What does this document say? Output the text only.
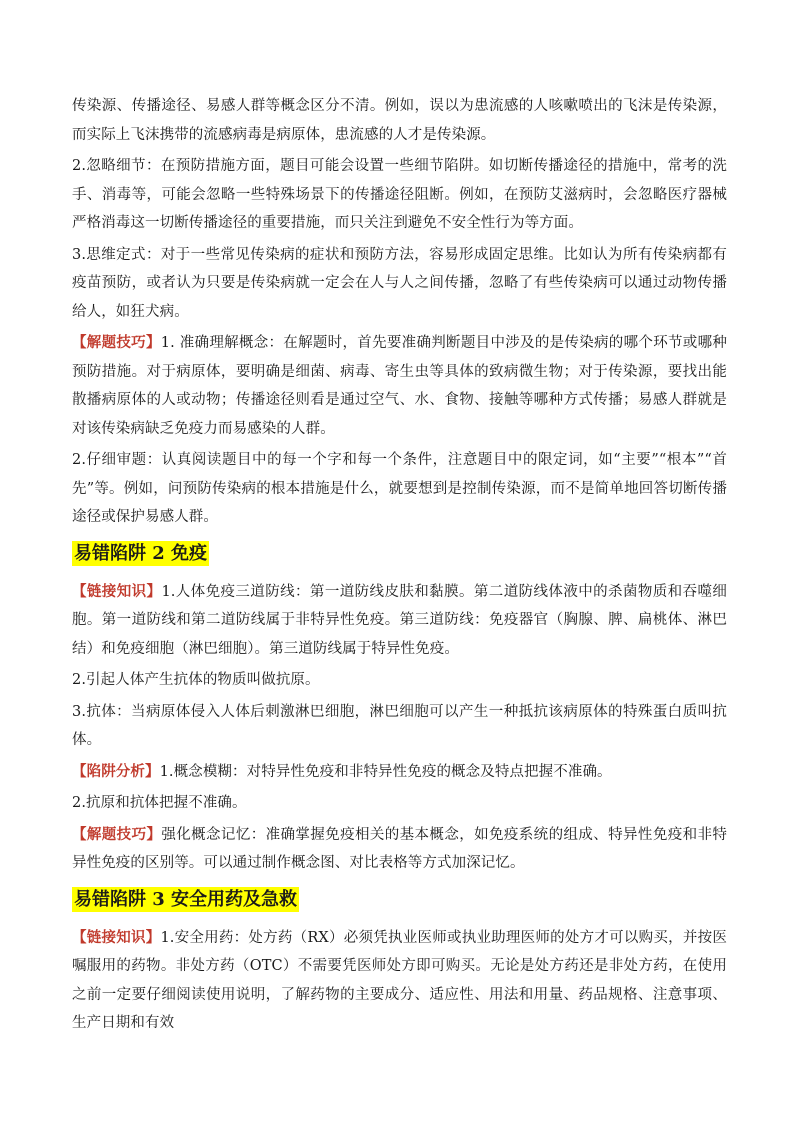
传染源、传播途径、易感人群等概念区分不清。例如，误以为患流感的人咳嗽喷出的飞沫是传染源，而实际上飞沫携带的流感病毒是病原体，患流感的人才是传染源。

2.忽略细节：在预防措施方面，题目可能会设置一些细节陷阱。如切断传播途径的措施中，常考的洗手、消毒等，可能会忽略一些特殊场景下的传播途径阻断。例如，在预防艾滋病时，会忽略医疗器械严格消毒这一切断传播途径的重要措施，而只关注到避免不安全性行为等方面。

3.思维定式：对于一些常见传染病的症状和预防方法，容易形成固定思维。比如认为所有传染病都有疫苗预防，或者认为只要是传染病就一定会在人与人之间传播，忽略了有些传染病可以通过动物传播给人，如狂犬病。

【解题技巧】1. 准确理解概念：在解题时，首先要准确判断题目中涉及的是传染病的哪个环节或哪种预防措施。对于病原体，要明确是细菌、病毒、寄生虫等具体的致病微生物；对于传染源，要找出能散播病原体的人或动物；传播途径则看是通过空气、水、食物、接触等哪种方式传播；易感人群就是对该传染病缺乏免疫力而易感染的人群。

2.仔细审题：认真阅读题目中的每一个字和每一个条件，注意题目中的限定词，如“主要”“根本”“首先”等。例如，问预防传染病的根本措施是什么，就要想到是控制传染源，而不是简单地回答切断传播途径或保护易感人群。

易错陷阱 2 免疫

【链接知识】1.人体免疫三道防线：第一道防线皮肤和黏膜。第二道防线体液中的杀菌物质和吞噬细胞。第一道防线和第二道防线属于非特异性免疫。第三道防线：免疫器官（胸腺、脾、扁桃体、淋巴结）和免疫细胞（淋巴细胞）。第三道防线属于特异性免疫。

2.引起人体产生抗体的物质叫做抗原。

3.抗体：当病原体侵入人体后刺激淋巴细胞，淋巴细胞可以产生一种抵抗该病原体的特殊蛋白质叫抗体。

【陷阱分析】1.概念模糊：对特异性免疫和非特异性免疫的概念及特点把握不准确。

2.抗原和抗体把握不准确。

【解题技巧】强化概念记忆：准确掌握免疫相关的基本概念，如免疫系统的组成、特异性免疫和非特异性免疫的区别等。可以通过制作概念图、对比表格等方式加深记忆。

易错陷阱 3 安全用药及急救

【链接知识】1.安全用药：处方药（RX）必须凭执业医师或执业助理医师的处方才可以购买，并按医嘱服用的药物。非处方药（OTC）不需要凭医师处方即可购买。无论是处方药还是非处方药，在使用之前一定要仔细阅读使用说明，了解药物的主要成分、适应性、用法和用量、药品规格、注意事项、生产日期和有效
